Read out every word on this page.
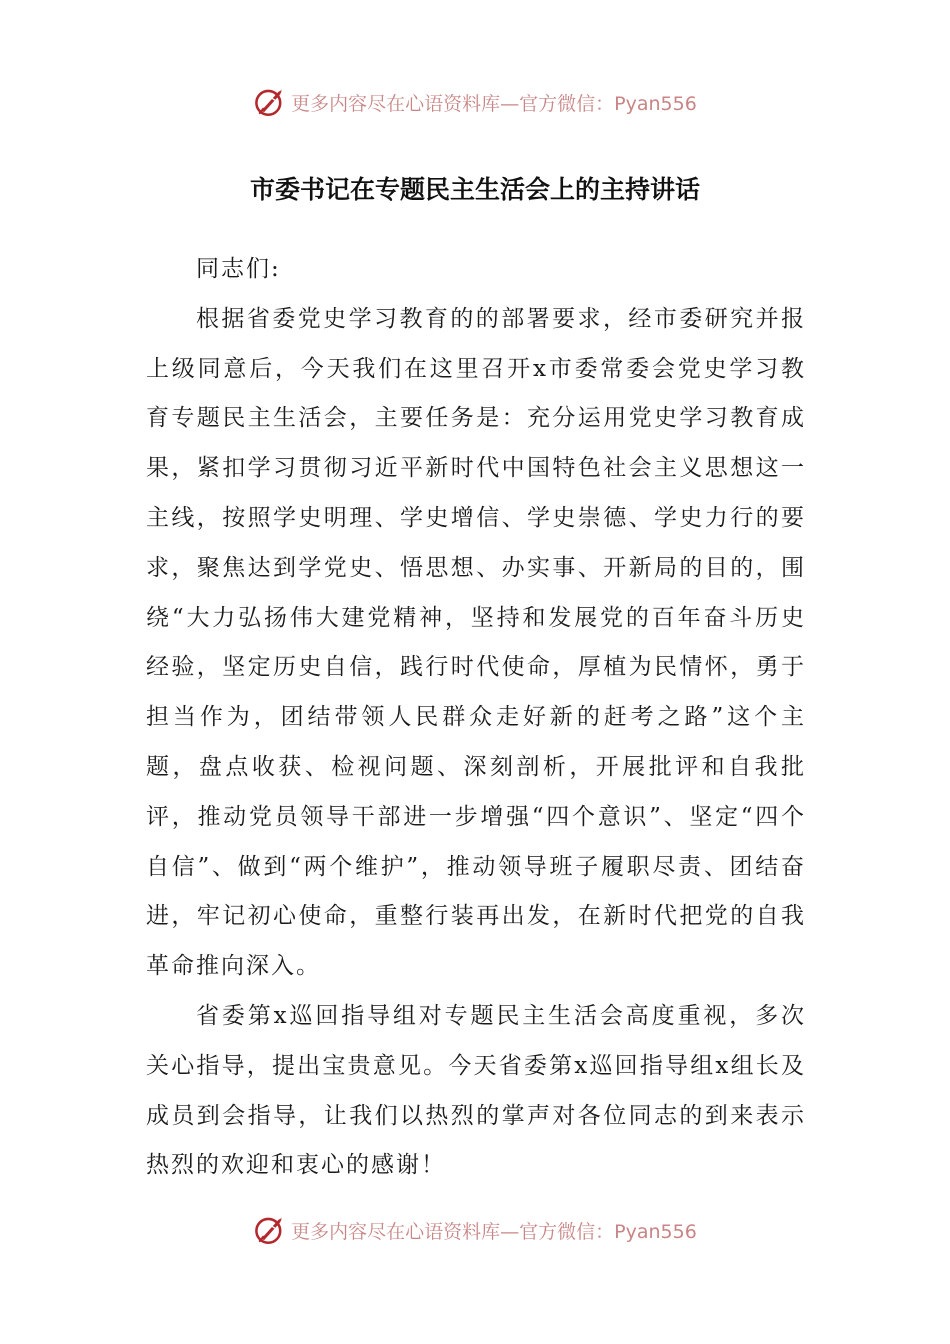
更多内容尽在心语资料库—官方微信：Pyan556
市委书记在专题民主生活会上的主持讲话

同志们:

根据省委党史学习教育的的部署要求，经市委研究并报上级同意后，今天我们在这里召开x市委常委会党史学习教育专题民主生活会，主要任务是：充分运用党史学习教育成果，紧扣学习贯彻习近平新时代中国特色社会主义思想这一主线，按照学史明理、学史增信、学史崇德、学史力行的要求，聚焦达到学党史、悟思想、办实事、开新局的目的，围绕“大力弘扬伟大建党精神，坚持和发展党的百年奋斗历史经验，坚定历史自信，践行时代使命，厚植为民情怀，勇于担当作为，团结带领人民群众走好新的赶考之路”这个主题，盘点收获、检视问题、深刻剖析，开展批评和自我批评，推动党员领导干部进一步增强“四个意识”、坚定“四个自信”、做到“两个维护”，推动领导班子履职尽责、团结奋进，牢记初心使命，重整行装再出发，在新时代把党的自我革命推向深入。

省委第x巡回指导组对专题民主生活会高度重视，多次关心指导，提出宝贵意见。今天省委第x巡回指导组x组长及成员到会指导，让我们以热烈的掌声对各位同志的到来表示热烈的欢迎和衷心的感谢！

更多内容尽在心语资料库—官方微信：Pyan556
